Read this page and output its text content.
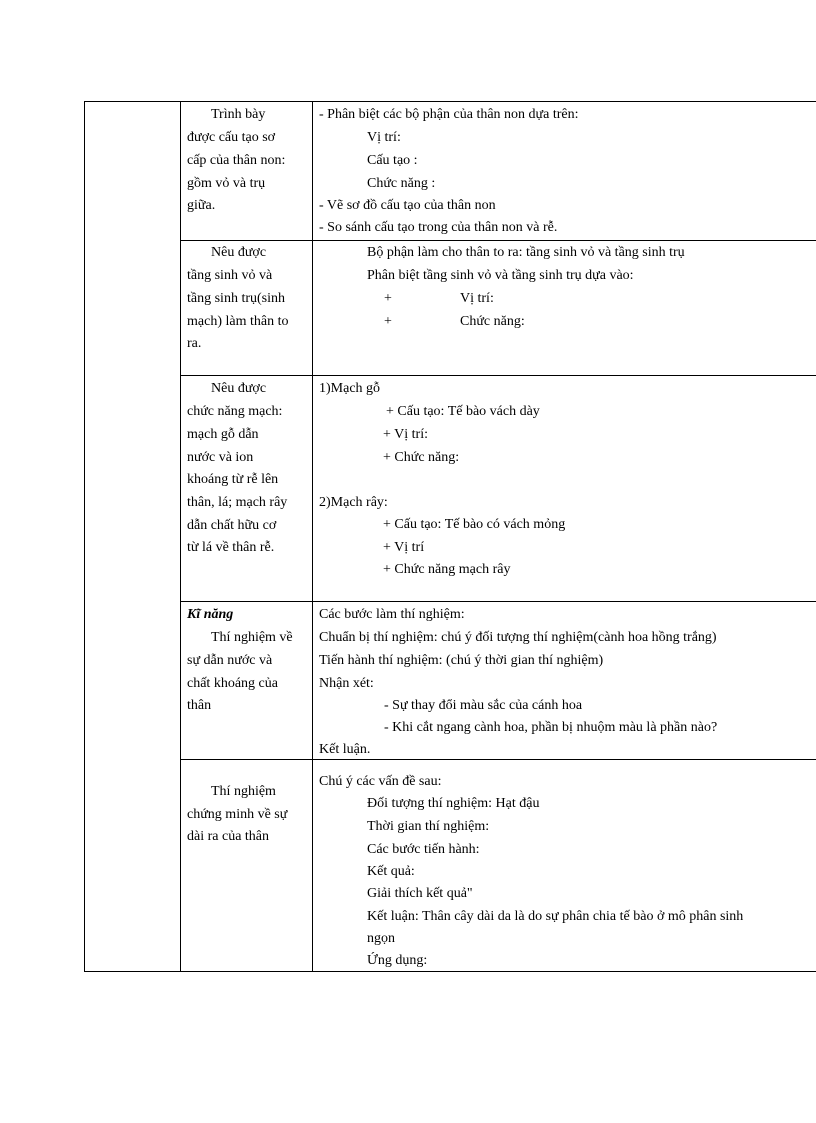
Trình bày
được cấu tạo sơ
cấp của thân non:
gồm vỏ và trụ
giữa.
- Phân biệt các bộ phận của thân non dựa trên:
Vị trí:
Cấu tạo :
Chức năng :
- Vẽ sơ đồ cấu tạo của thân non
- So sánh cấu tạo trong của thân non và rễ.
Nêu được
tầng sinh vỏ và
tầng sinh trụ(sinh
mạch) làm thân to
ra.
Bộ phận làm cho thân to ra: tầng sinh vỏ và tầng sinh trụ
Phân biệt tầng sinh vỏ và tầng sinh trụ dựa vào:
+	Vị trí:
+	Chức năng:
Nêu được
chức năng mạch:
mạch gỗ dẫn
nước và ion
khoáng từ rễ lên
thân, lá; mạch rây
dẫn chất hữu cơ
từ lá về thân rễ.
1)Mạch gỗ
+ Cấu tạo: Tế bào vách dày
+ Vị trí:
+ Chức năng:
2)Mạch rây:
+ Cấu tạo: Tế bào có vách mỏng
+ Vị trí
+ Chức năng mạch rây
Kĩ năng
Thí nghiệm về
sự dẫn nước và
chất khoáng của
thân
Các bước làm thí nghiệm:
Chuẩn bị thí nghiệm: chú ý đối tượng thí nghiệm(cành hoa hồng trắng)
Tiến hành thí nghiệm: (chú ý thời gian thí nghiệm)
Nhận xét:
- Sự thay đổi màu sắc của cánh hoa
- Khi cắt ngang cành hoa, phần bị nhuộm màu là phần nào?
Kết luận.
Thí nghiệm
chứng minh về sự
dài ra của thân
Chú ý các vấn đề sau:
Đối tượng thí nghiệm: Hạt đậu
Thời gian thí nghiệm:
Các bước tiến hành:
Kết quả:
Giải thích kết quả"
Kết luận: Thân cây dài da là do sự phân chia tế bào ở mô phân sinh
ngọn
Ứng dụng:
